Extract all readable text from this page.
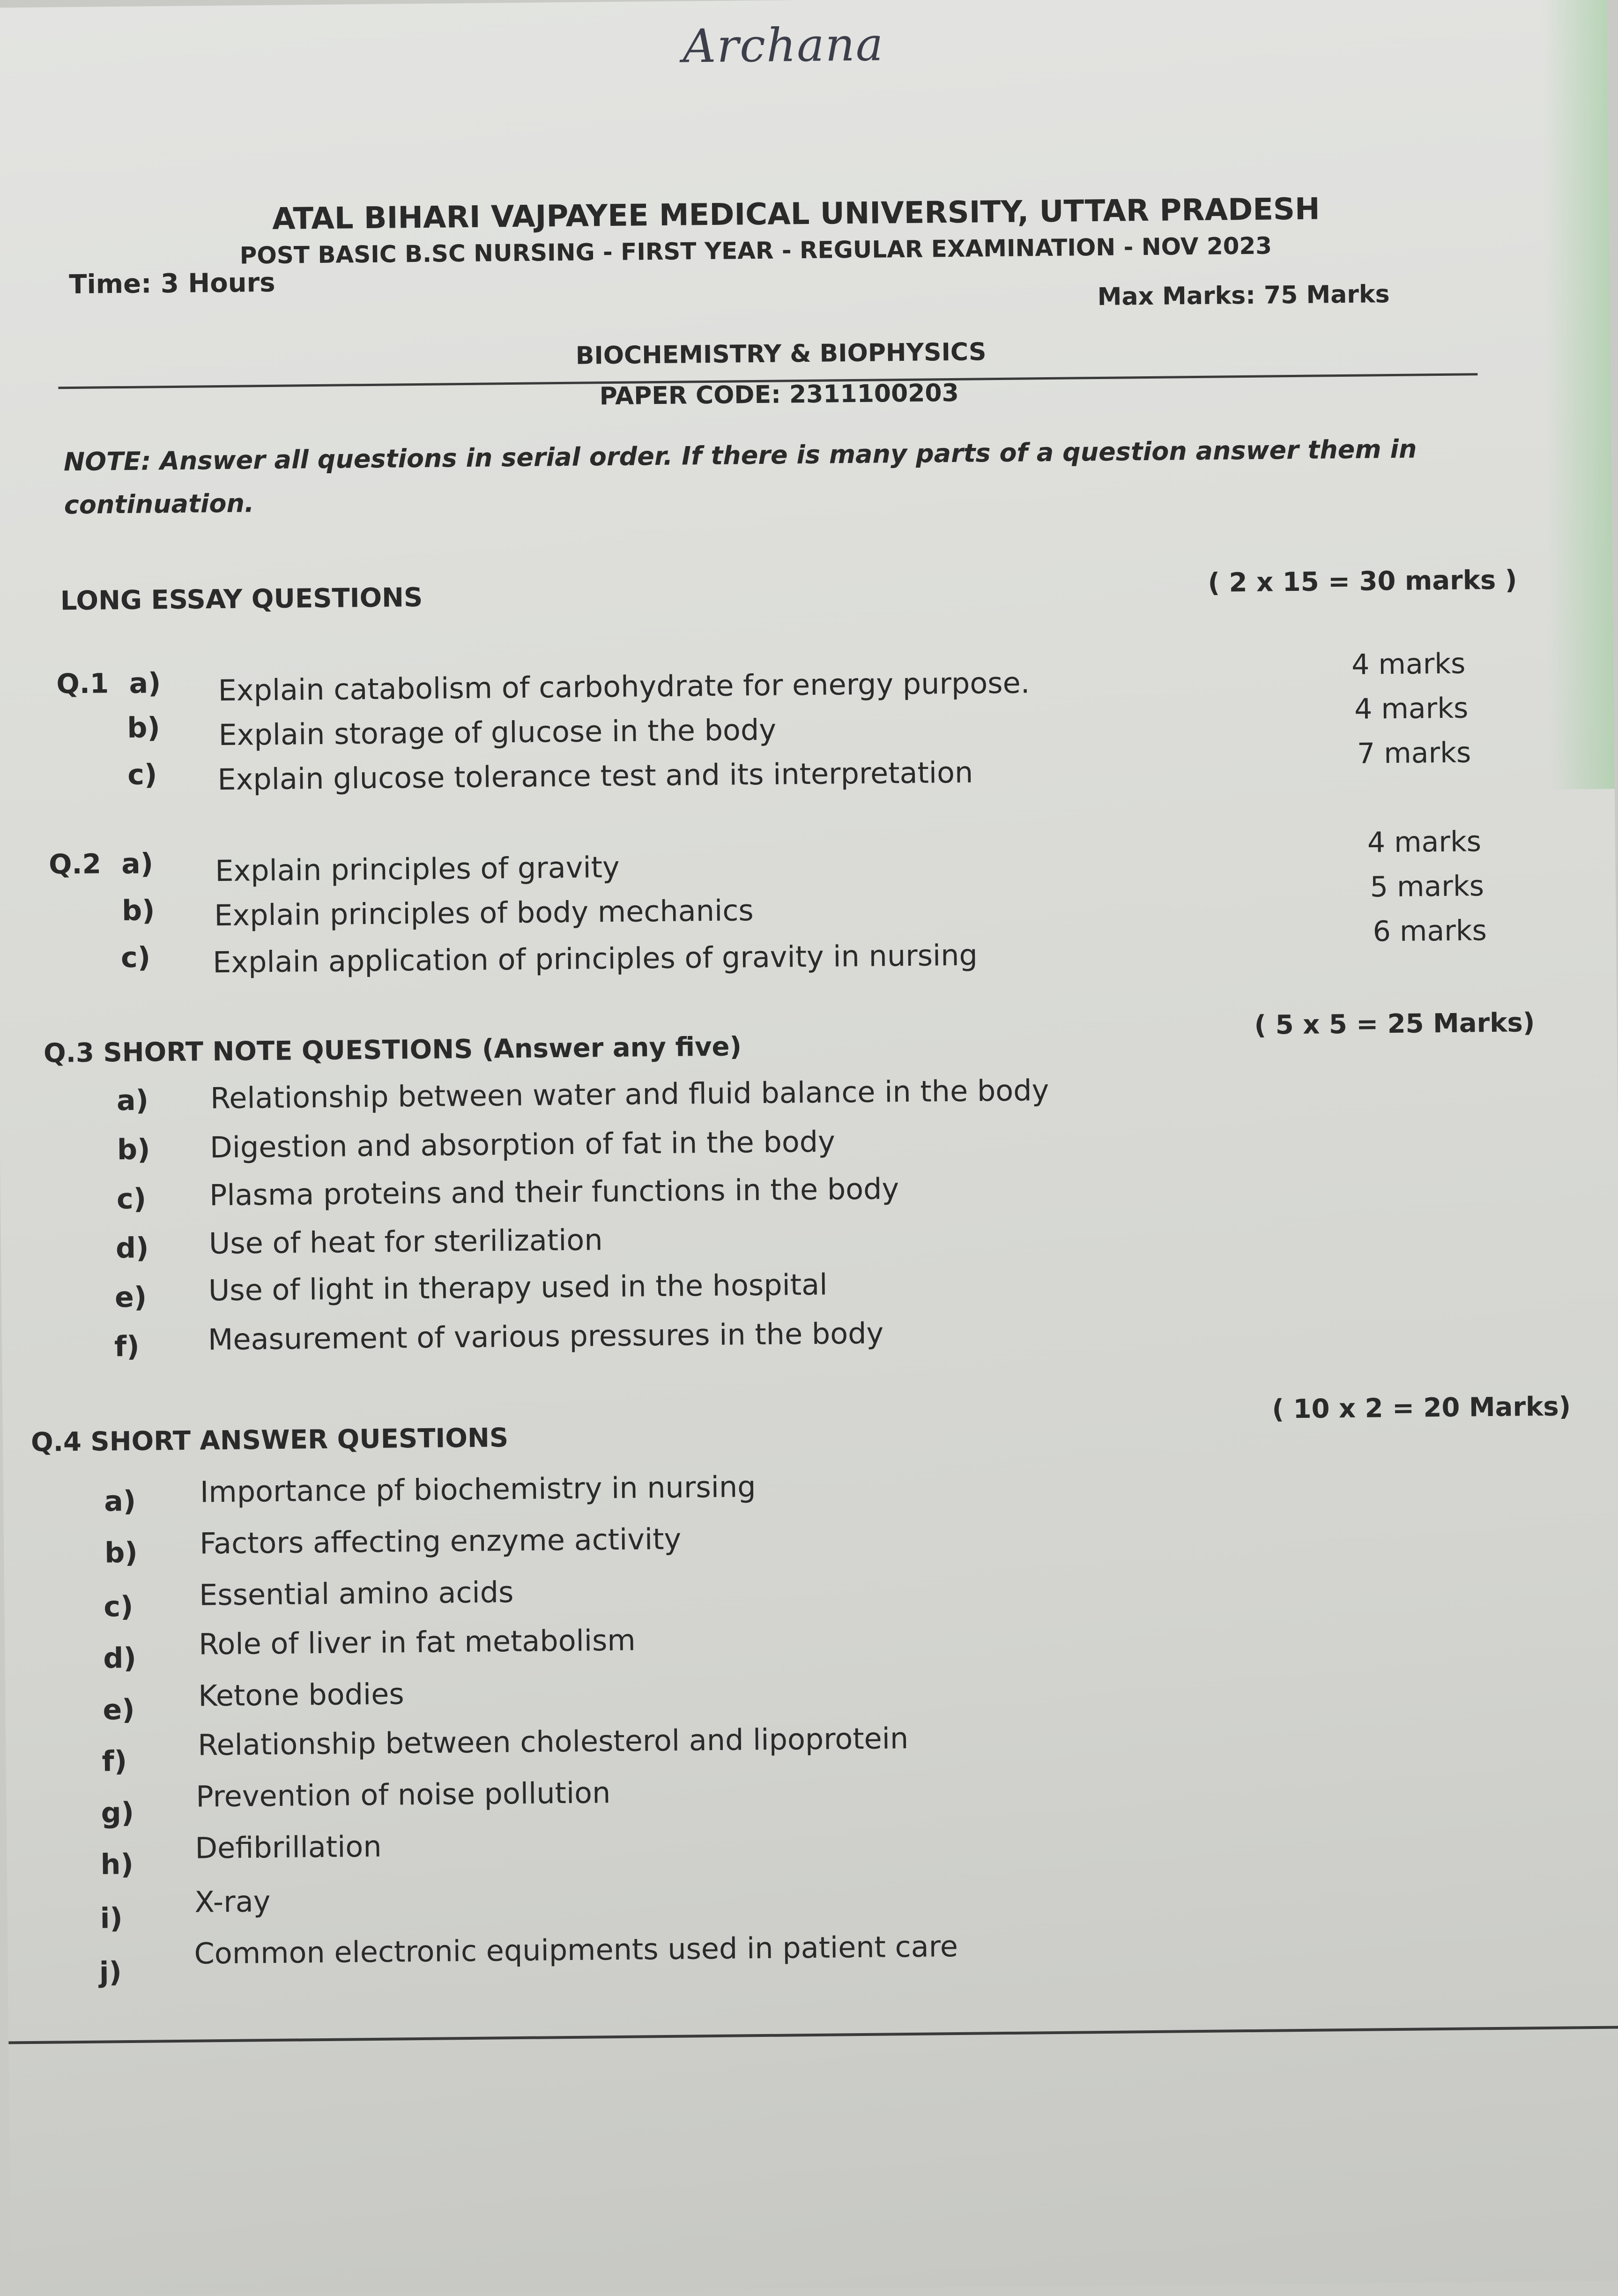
Archana
ATAL BIHARI VAJPAYEE MEDICAL UNIVERSITY, UTTAR PRADESH
POST BASIC B.SC NURSING - FIRST YEAR - REGULAR EXAMINATION - NOV 2023
Time: 3 Hours	Max Marks: 75 Marks
BIOCHEMISTRY & BIOPHYSICS
PAPER CODE: 2311100203
NOTE: Answer all questions in serial order. If there is many parts of a question answer them in continuation.
LONG ESSAY QUESTIONS
( 2 x 15 = 30 marks )
Q.1 a) Explain catabolism of carbohydrate for energy purpose.
4 marks
b) Explain storage of glucose in the body
4 marks
c) Explain glucose tolerance test and its interpretation
7 marks
Q.2 a) Explain principles of gravity
4 marks
b) Explain principles of body mechanics
5 marks
c) Explain application of principles of gravity in nursing
6 marks
Q.3 SHORT NOTE QUESTIONS (Answer any five)
( 5 x 5 = 25 Marks)
a) Relationship between water and fluid balance in the body
b) Digestion and absorption of fat in the body
c) Plasma proteins and their functions in the body
d) Use of heat for sterilization
e) Use of light in therapy used in the hospital
f) Measurement of various pressures in the body
Q.4 SHORT ANSWER QUESTIONS
( 10 x 2 = 20 Marks)
a) Importance pf biochemistry in nursing
b) Factors affecting enzyme activity
c) Essential amino acids
d) Role of liver in fat metabolism
e) Ketone bodies
f) Relationship between cholesterol and lipoprotein
g) Prevention of noise pollution
h) Defibrillation
i) X-ray
j)
Common electronic equipments used in patient care
